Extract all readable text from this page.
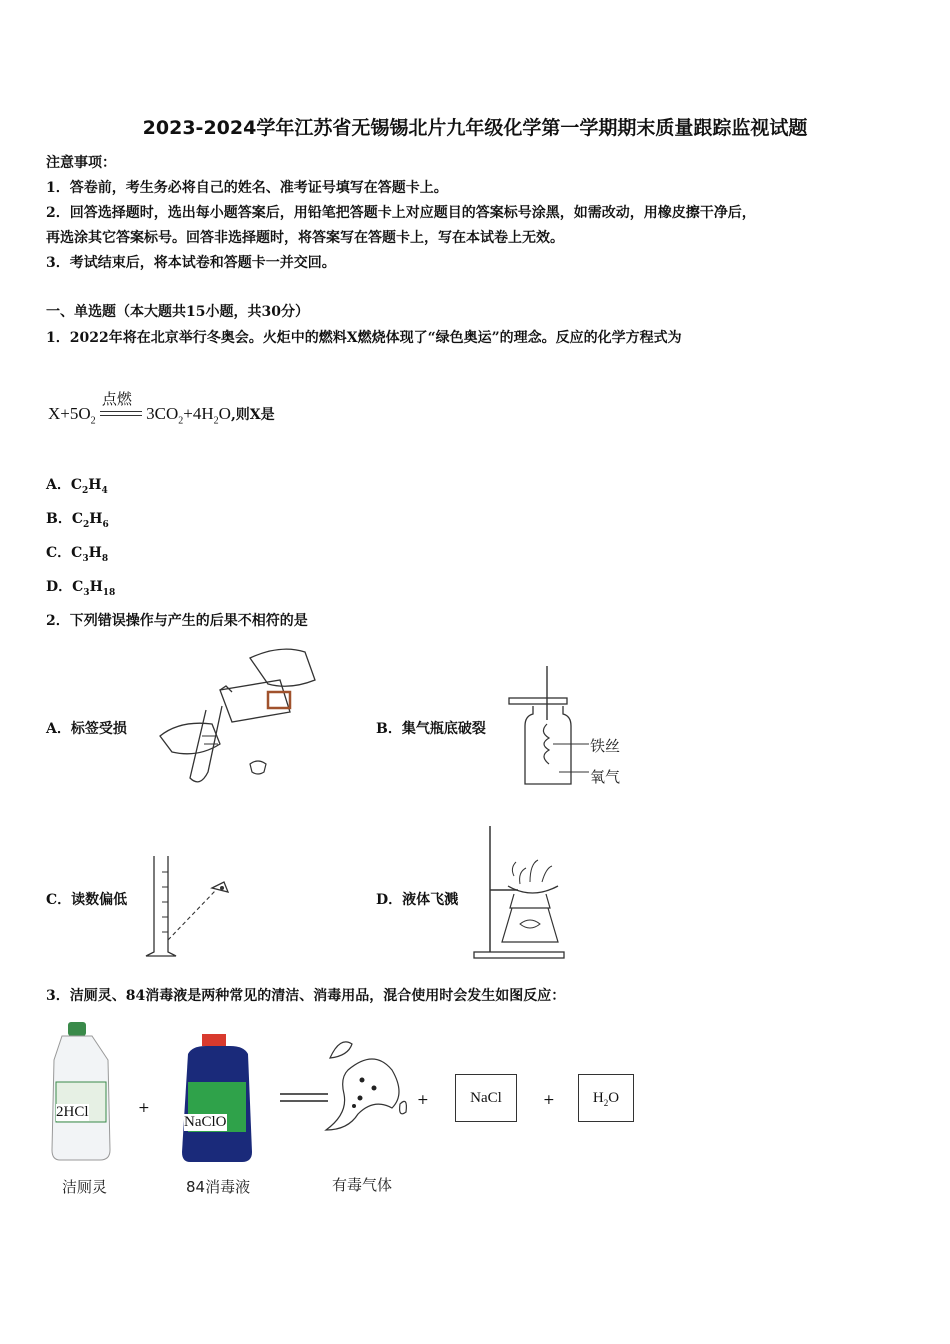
2023-2024学年江苏省无锡锡北片九年级化学第一学期期末质量跟踪监视试题
注意事项：
1．答卷前，考生务必将自己的姓名、准考证号填写在答题卡上。
2．回答选择题时，选出每小题答案后，用铅笔把答题卡上对应题目的答案标号涂黑，如需改动，用橡皮擦干净后，
再选涂其它答案标号。回答非选择题时，将答案写在答题卡上，写在本试卷上无效。
3．考试结束后，将本试卷和答题卡一并交回。
一、单选题（本大题共15小题，共30分）
1．2022年将在北京举行冬奥会。火炬中的燃料X燃烧体现了“绿色奥运”的理念。反应的化学方程式为
$X+5O_2$
点燃
$3CO_2+4H_2O$,则X是
A．$C_2H_4$
B．$C_2H_6$
C．$C_3H_8$
D．$C_3H_{18}$
2．下列错误操作与产生的后果不相符的是
A．标签受损	B．集气瓶底破裂
铁丝
氧气
C．读数偏低	D．液体飞溅
3．洁厕灵、84消毒液是两种常见的清洁、消毒用品，混合使用时会发生如图反应：
2HCl	+
NaClO
+	NaCl	+	$H_2O$
洁厕灵	84消毒液	有毒气体
